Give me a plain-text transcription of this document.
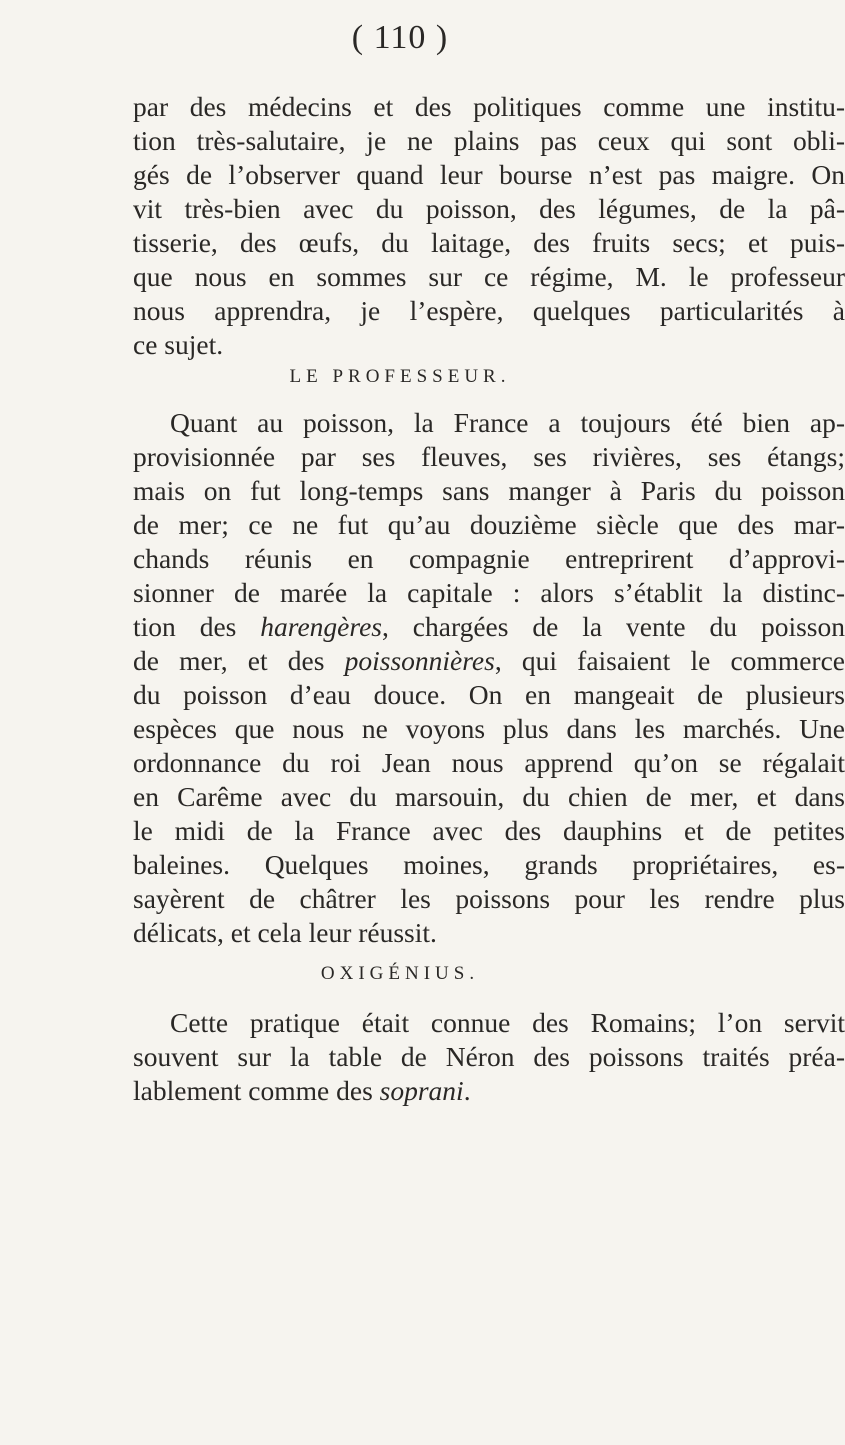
( 110 )
par des médecins et des politiques comme une institu-
tion très-salutaire, je ne plains pas ceux qui sont obli-
gés de l’observer quand leur bourse n’est pas maigre. On
vit très-bien avec du poisson, des légumes, de la pâ-
tisserie, des œufs, du laitage, des fruits secs; et puis-
que nous en sommes sur ce régime, M. le professeur
nous apprendra, je l’espère, quelques particularités à
ce sujet.
LE PROFESSEUR.
Quant au poisson, la France a toujours été bien ap-
provisionnée par ses fleuves, ses rivières, ses étangs;
mais on fut long-temps sans manger à Paris du poisson
de mer; ce ne fut qu’au douzième siècle que des mar-
chands réunis en compagnie entreprirent d’approvi-
sionner de marée la capitale : alors s’établit la distinc-
tion des harengères, chargées de la vente du poisson
de mer, et des poissonnières, qui faisaient le commerce
du poisson d’eau douce. On en mangeait de plusieurs
espèces que nous ne voyons plus dans les marchés. Une
ordonnance du roi Jean nous apprend qu’on se régalait
en Carême avec du marsouin, du chien de mer, et dans
le midi de la France avec des dauphins et de petites
baleines. Quelques moines, grands propriétaires, es-
sayèrent de châtrer les poissons pour les rendre plus
délicats, et cela leur réussit.
OXIGÉNIUS.
Cette pratique était connue des Romains; l’on servit
souvent sur la table de Néron des poissons traités préa-
lablement comme des soprani.
